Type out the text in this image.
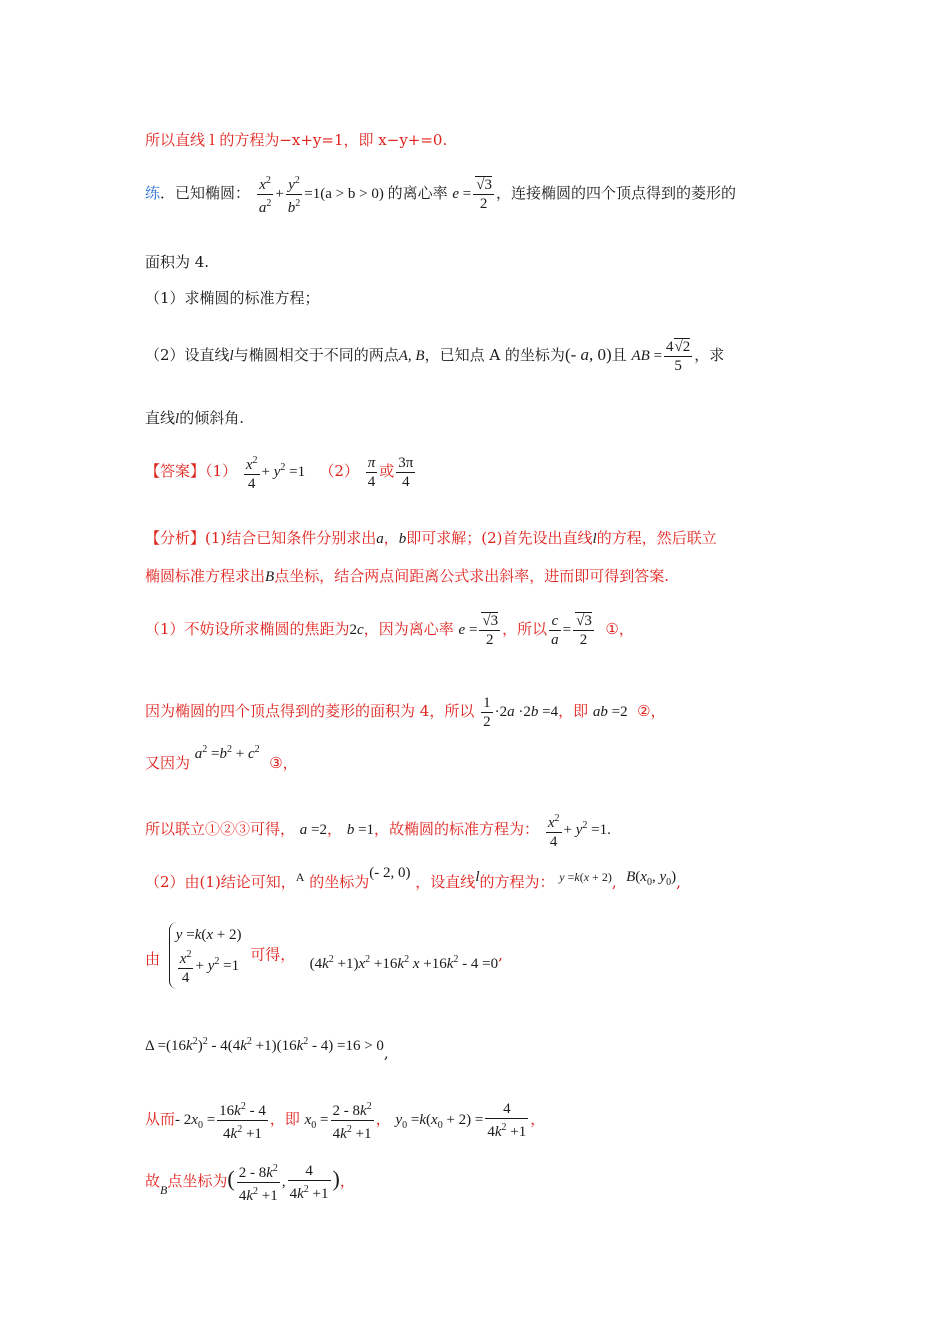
所以直线 l 的方程为−x+y=1，即 x−y+=0.
练．已知椭圆： $\frac{x^2}{a^2} + \frac{y^2}{b^2} =1(a > b > 0)$ 的离心率 $e = \frac{√3}{2}$ ，连接椭圆的四个顶点得到的菱形的
面积为 4.
（1）求椭圆的标准方程；
（2）设直线l与椭圆相交于不同的两点A, B，已知点 A 的坐标为(- a, 0)且 AB = $\frac{4√2}{5}$ ，求
直线l的倾斜角.
【答案】$(1) \frac{x^2}{4} + y^2 =1$ $(2) \frac{\pi}{4}$ 或 $\frac{3\pi}{4}$
【分析】(1)结合已知条件分别求出a，b即可求解；(2)首先设出直线l的方程，然后联立
椭圆标准方程求出B点坐标，结合两点间距离公式求出斜率，进而即可得到答案.
（1）不妨设所求椭圆的焦距为2c，因为离心率 $e = \frac{√3}{2}$ ，所以 $\frac{c}{a} = \frac{√3}{2}$ ①，
因为椭圆的四个顶点得到的菱形的面积为 4，所以 $\frac{1}{2} \cdot 2a \cdot 2b =4$，即 ab =2 ②，
又因为 $a^2 =b^2 + c^2$  ③，
所以联立①②③可得， a =2， b =1，故椭圆的标准方程为： $\frac{x^2}{4} + y^2 =1$.
（2）由(1)结论可知，$^A$ 的坐标为(- 2, 0) ，设直线l的方程为： $^{y =k(x + 2)}$,  $B(x_0$, $y_0$),
由
y =k(x + 2)
$\frac{x^2}{4} + y^2 =1$
可得， $(4k^2 +1)x^2 +16k^2$ $x +16k^2 - 4 =0$,
$\Delta =(16k^2)^2 - 4(4k^2 +1)(16k^2 - 4) =16 > 0$,
从而- $2x_0 = \frac{16k^2 - 4}{4k^2 +1}$ ，即 $x_0 = \frac{2 - 8k^2}{4k^2 +1}$ ， $y_0 =k(x_0 + 2) = \frac{4}{4k^2 +1}$ ，
故$_B$点坐标为( $\frac{2 - 8k^2}{4k^2 +1}$ , $\frac{4}{4k^2 +1}$ )，
